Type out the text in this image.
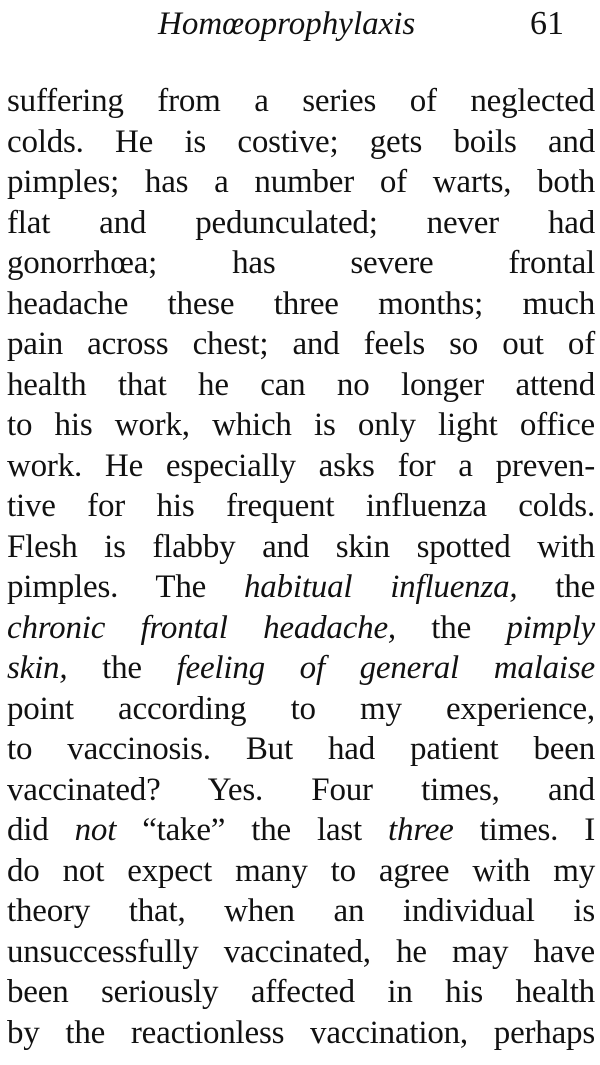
Homœoprophylaxis	61
suffering from a series of neglected
colds. He is costive; gets boils and
pimples; has a number of warts, both
flat and pedunculated; never had
gonorrhœa; has severe frontal
headache these three months; much
pain across chest; and feels so out of
health that he can no longer attend
to his work, which is only light office
work. He especially asks for a preven-
tive for his frequent influenza colds.
Flesh is flabby and skin spotted with
pimples. The habitual influenza, the
chronic frontal headache, the pimply
skin, the feeling of general malaise
point according to my experience,
to vaccinosis. But had patient been
vaccinated? Yes. Four times, and
did not “take” the last three times. I
do not expect many to agree with my
theory that, when an individual is
unsuccessfully vaccinated, he may have
been seriously affected in his health
by the reactionless vaccination, perhaps
